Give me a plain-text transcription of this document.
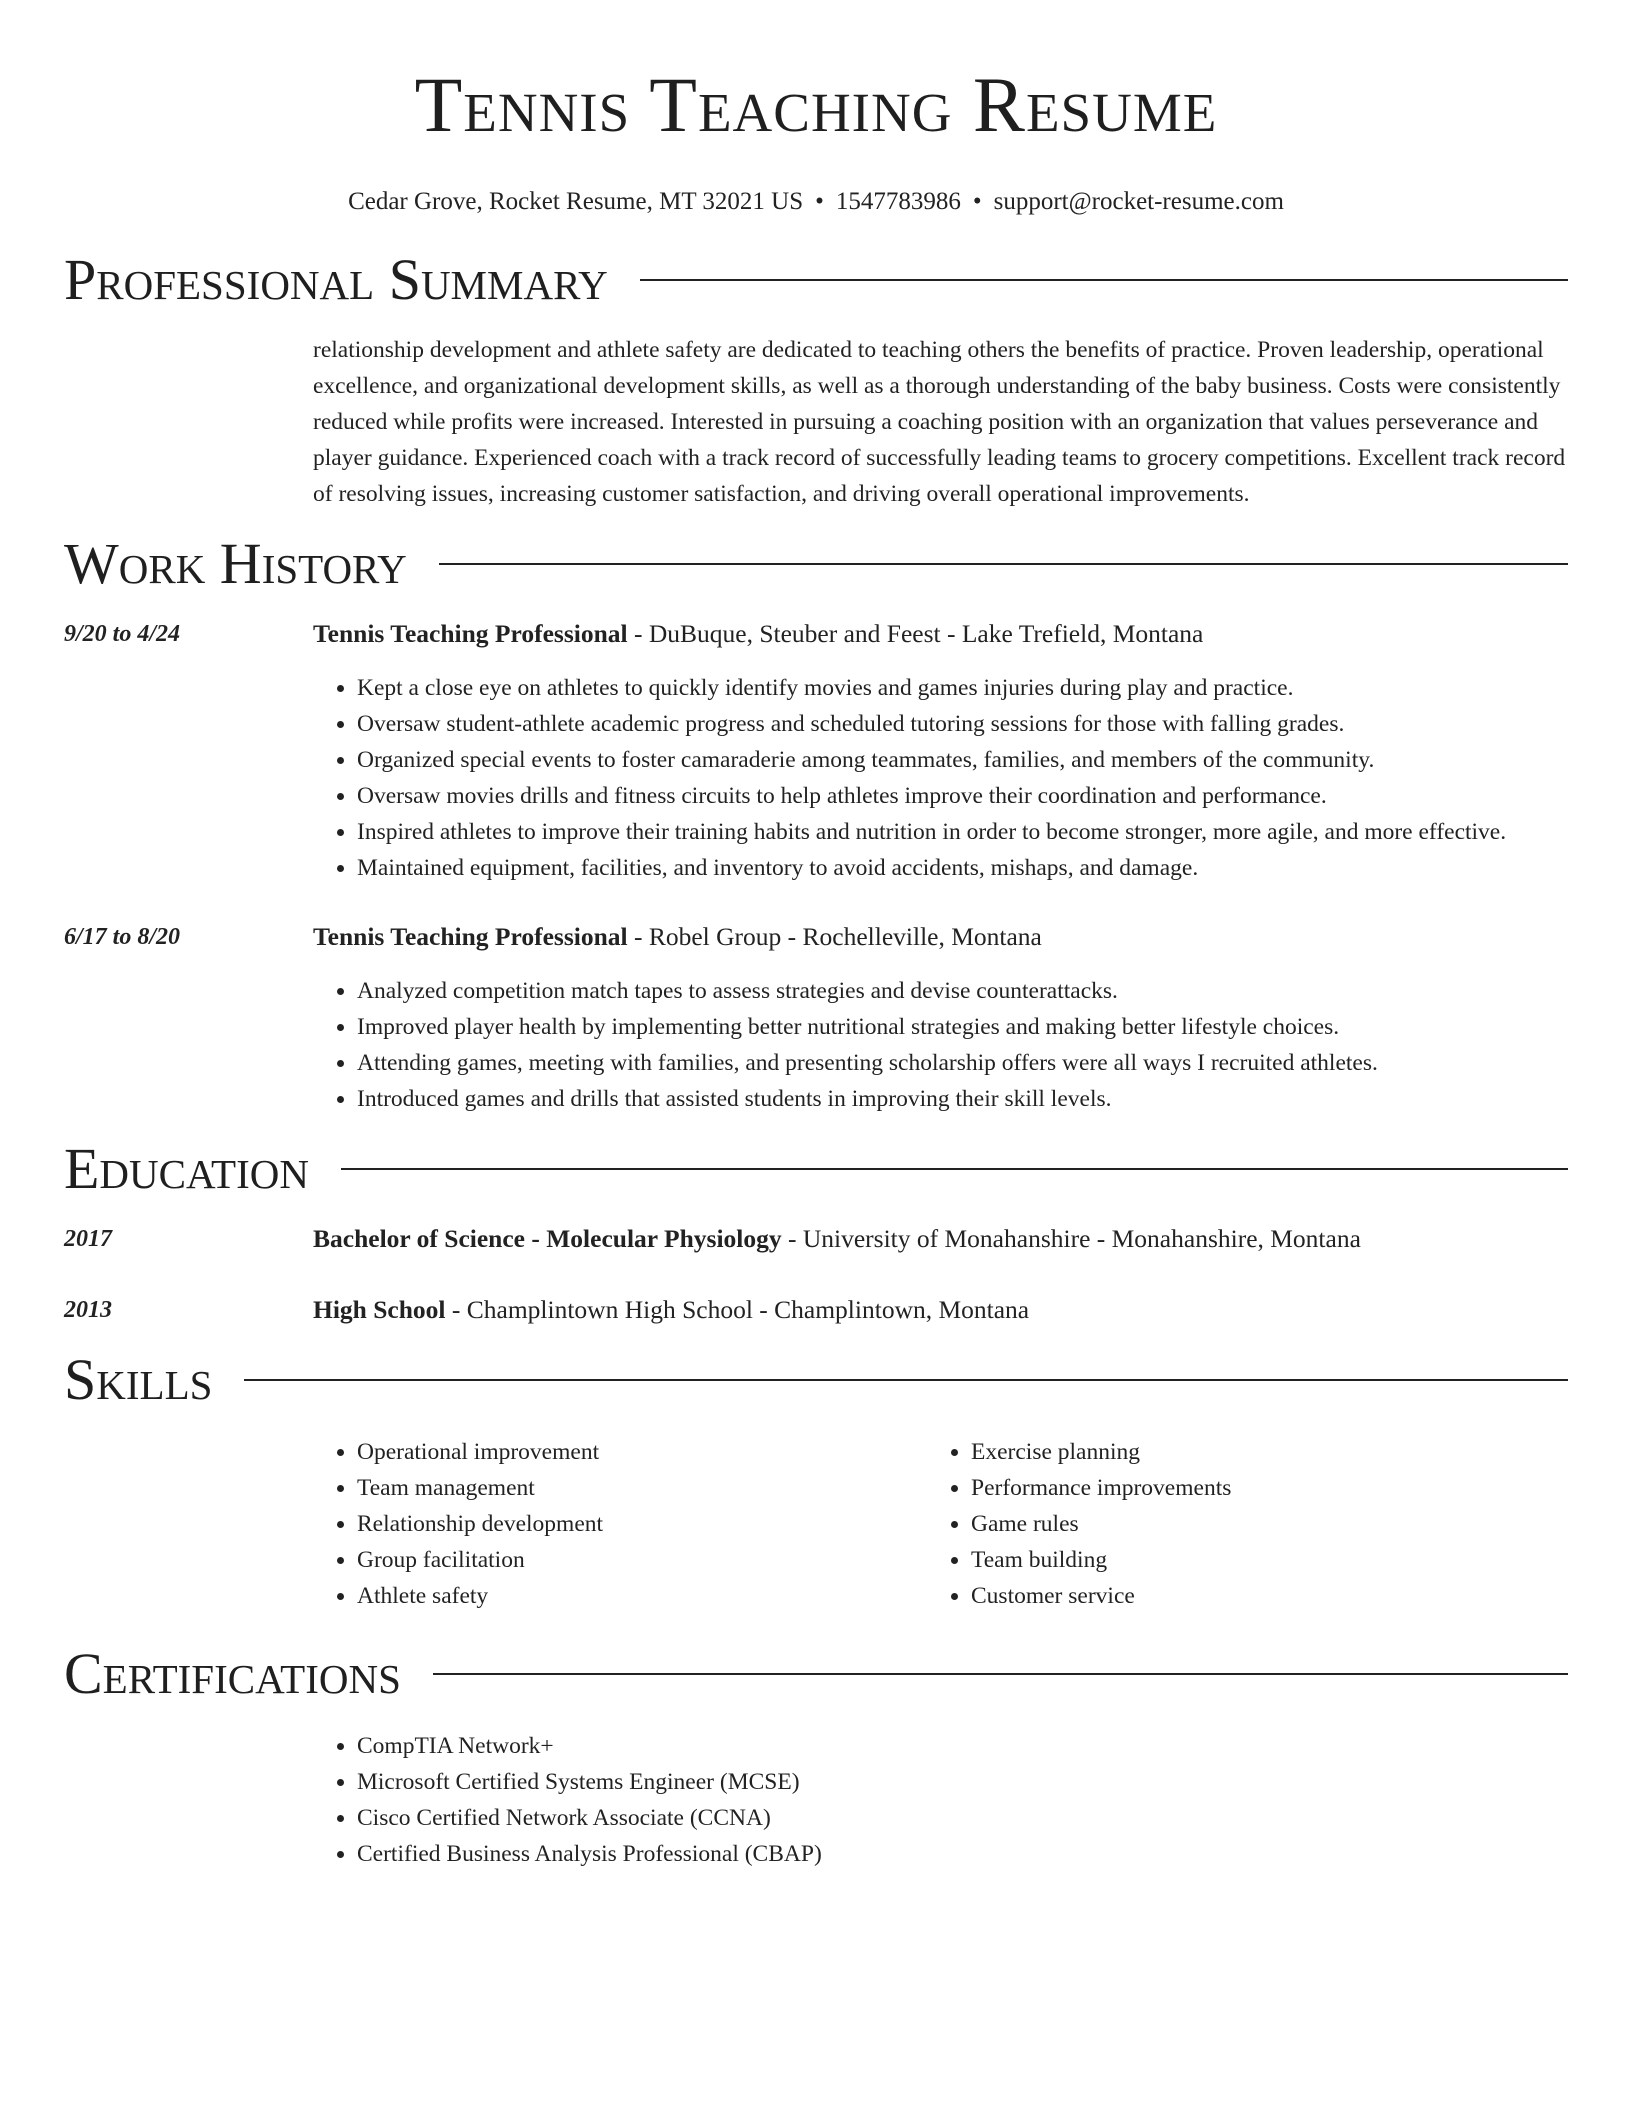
Tennis Teaching Resume
Cedar Grove, Rocket Resume, MT 32021 US • 1547783986 • support@rocket-resume.com
Professional Summary
relationship development and athlete safety are dedicated to teaching others the benefits of practice. Proven leadership, operational excellence, and organizational development skills, as well as a thorough understanding of the baby business. Costs were consistently reduced while profits were increased. Interested in pursuing a coaching position with an organization that values perseverance and player guidance. Experienced coach with a track record of successfully leading teams to grocery competitions. Excellent track record of resolving issues, increasing customer satisfaction, and driving overall operational improvements.
Work History
9/20 to 4/24	Tennis Teaching Professional - DuBuque, Steuber and Feest - Lake Trefield, Montana
• Kept a close eye on athletes to quickly identify movies and games injuries during play and practice.
• Oversaw student-athlete academic progress and scheduled tutoring sessions for those with falling grades.
• Organized special events to foster camaraderie among teammates, families, and members of the community.
• Oversaw movies drills and fitness circuits to help athletes improve their coordination and performance.
• Inspired athletes to improve their training habits and nutrition in order to become stronger, more agile, and more effective.
• Maintained equipment, facilities, and inventory to avoid accidents, mishaps, and damage.
6/17 to 8/20	Tennis Teaching Professional - Robel Group - Rochelleville, Montana
• Analyzed competition match tapes to assess strategies and devise counterattacks.
• Improved player health by implementing better nutritional strategies and making better lifestyle choices.
• Attending games, meeting with families, and presenting scholarship offers were all ways I recruited athletes.
• Introduced games and drills that assisted students in improving their skill levels.
Education
2017	Bachelor of Science - Molecular Physiology - University of Monahanshire - Monahanshire, Montana
2013	High School - Champlintown High School - Champlintown, Montana
Skills
• Operational improvement
• Team management
• Relationship development
• Group facilitation
• Athlete safety
• Exercise planning
• Performance improvements
• Game rules
• Team building
• Customer service
Certifications
• CompTIA Network+
• Microsoft Certified Systems Engineer (MCSE)
• Cisco Certified Network Associate (CCNA)
• Certified Business Analysis Professional (CBAP)
